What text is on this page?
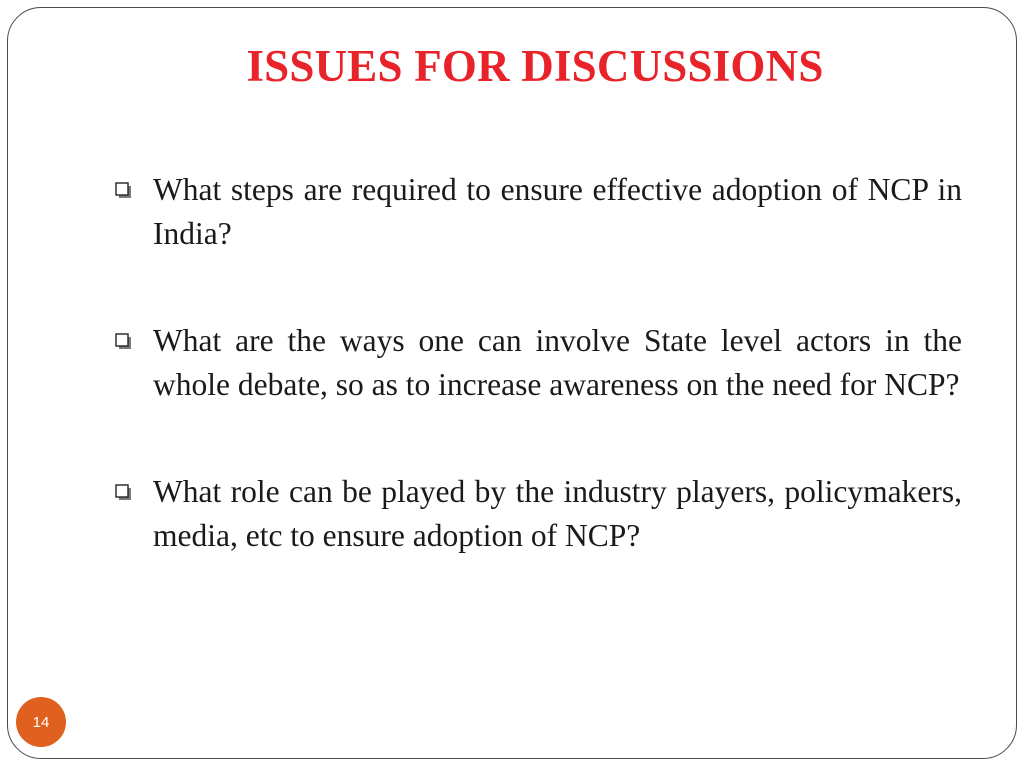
ISSUES FOR DISCUSSIONS
What steps are required to ensure effective adoption of NCP in India?
What are the ways one can involve State level actors in the whole debate, so as to increase awareness on the need for NCP?
What role can be played by the industry players, policymakers, media, etc to ensure adoption of NCP?
14
